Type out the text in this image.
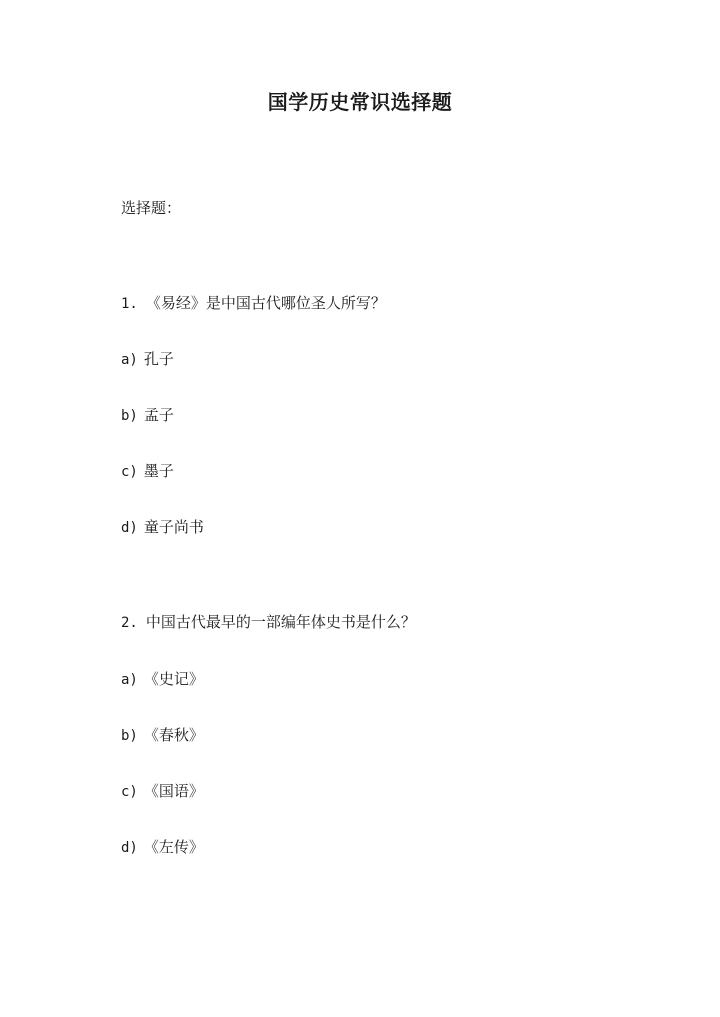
国学历史常识选择题
选择题：
1. 《易经》是中国古代哪位圣人所写？
a) 孔子
b) 孟子
c) 墨子
d) 童子尚书
2. 中国古代最早的一部编年体史书是什么？
a) 《史记》
b) 《春秋》
c) 《国语》
d) 《左传》
